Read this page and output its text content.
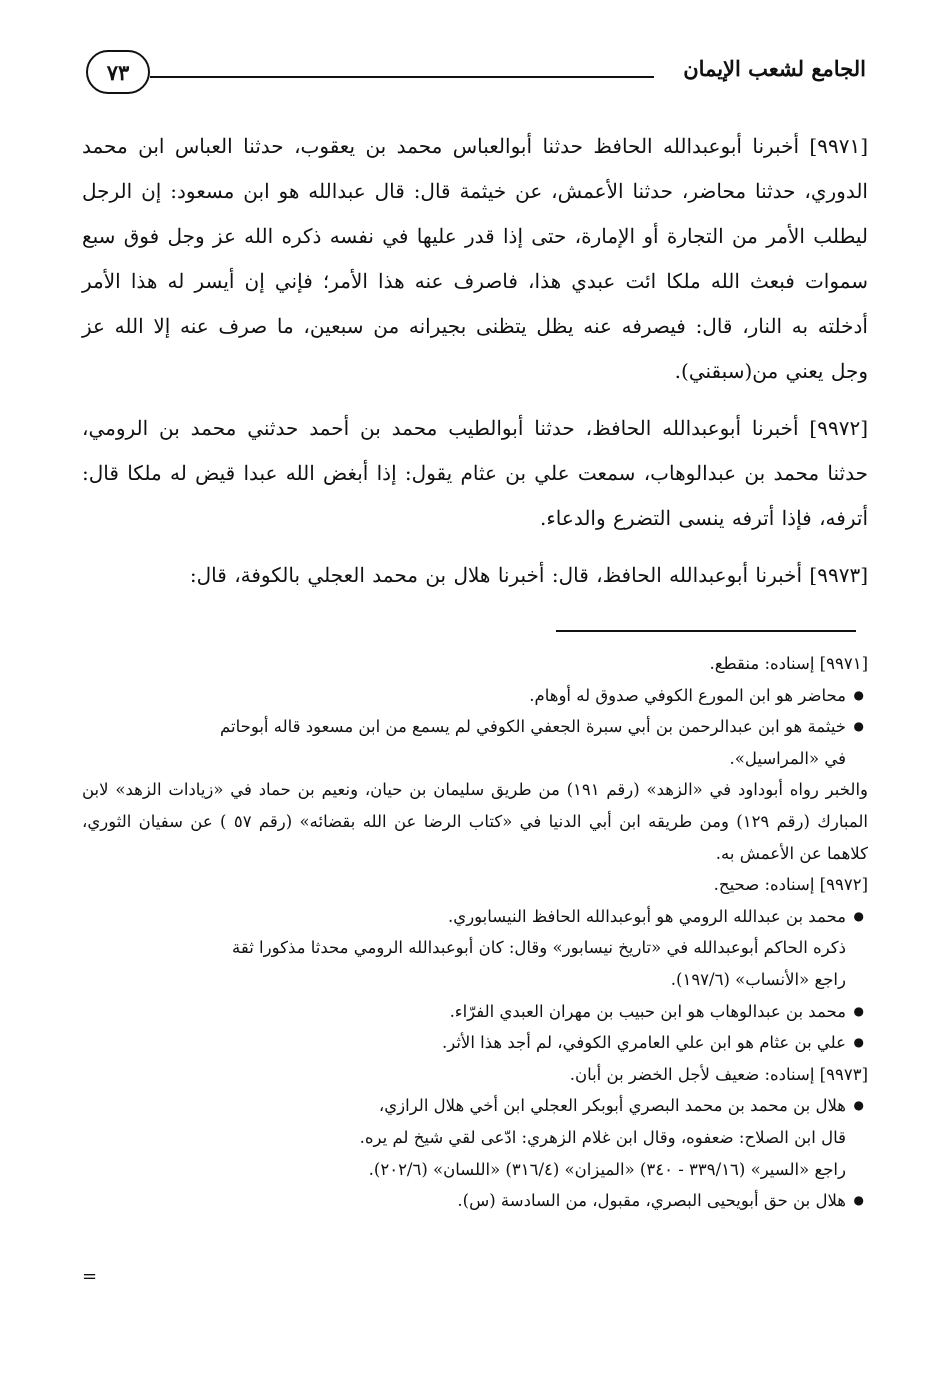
الجامع لشعب الإيمان
٧٣

[٩٩٧١] أخبرنا أبوعبدالله الحافظ حدثنا أبوالعباس محمد بن يعقوب، حدثنا العباس ابن محمد الدوري، حدثنا محاضر، حدثنا الأعمش، عن خيثمة قال: قال عبدالله هو ابن مسعود: إن الرجل ليطلب الأمر من التجارة أو الإمارة، حتى إذا قدر عليها في نفسه ذكره الله عز وجل فوق سبع سموات فبعث الله ملكا ائت عبدي هذا، فاصرف عنه هذا الأمر؛ فإني إن أيسر له هذا الأمر أدخلته به النار، قال: فيصرفه عنه يظل يتظنى بجيرانه من سبعين، ما صرف عنه إلا الله عز وجل يعني من(سبقني).

[٩٩٧٢] أخبرنا أبوعبدالله الحافظ، حدثنا أبوالطيب محمد بن أحمد حدثني محمد بن الرومي، حدثنا محمد بن عبدالوهاب، سمعت علي بن عثام يقول: إذا أبغض الله عبدا قيض له ملكا قال: أترفه، فإذا أترفه ينسى التضرع والدعاء.

[٩٩٧٣] أخبرنا أبوعبدالله الحافظ، قال: أخبرنا هلال بن محمد العجلي بالكوفة، قال:

[٩٩٧١] إسناده: منقطع.

● محاضر هو ابن المورع الكوفي صدوق له أوهام.

● خيثمة هو ابن عبدالرحمن بن أبي سبرة الجعفي الكوفي لم يسمع من ابن مسعود قاله أبوحاتم

في «المراسيل».

والخبر رواه أبوداود في «الزهد» (رقم ١٩١) من طريق سليمان بن حيان، ونعيم بن حماد في «زيادات الزهد» لابن المبارك (رقم ١٢٩) ومن طريقه ابن أبي الدنيا في «كتاب الرضا عن الله بقضائه» (رقم ٥٧ ) عن سفيان الثوري، كلاهما عن الأعمش به.

[٩٩٧٢] إسناده: صحيح.

● محمد بن عبدالله الرومي هو أبوعبدالله الحافظ النيسابوري.

ذكره الحاكم أبوعبدالله في «تاريخ نيسابور» وقال: كان أبوعبدالله الرومي محدثا مذكورا ثقة

راجع «الأنساب» (١٩٧/٦).

● محمد بن عبدالوهاب هو ابن حبيب بن مهران العبدي الفرّاء.

● علي بن عثام هو ابن علي العامري الكوفي، لم أجد هذا الأثر.

[٩٩٧٣] إسناده: ضعيف لأجل الخضر بن أبان.

● هلال بن محمد بن محمد البصري أبوبكر العجلي ابن أخي هلال الرازي،

قال ابن الصلاح: ضعفوه، وقال ابن غلام الزهري: ادّعى لقي شيخ لم يره.

راجع «السير» (٣٣٩/١٦ - ٣٤٠) «الميزان» (٣١٦/٤) «اللسان» (٢٠٢/٦).

● هلال بن حق أبويحيى البصري، مقبول، من السادسة (س).

=
